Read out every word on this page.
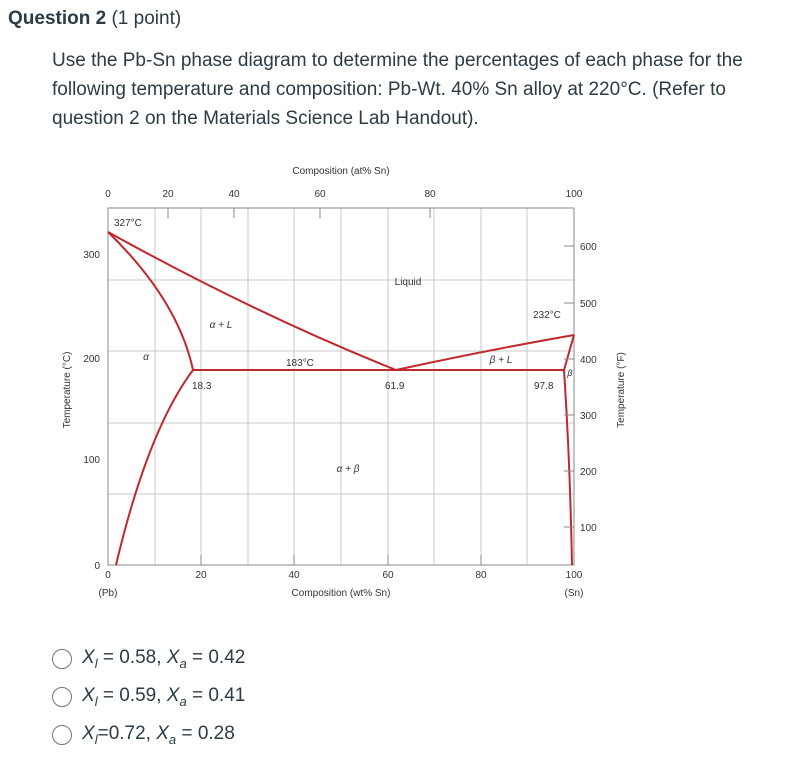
Question 2 (1 point)
Use the Pb-Sn phase diagram to determine the percentages of each phase for the following temperature and composition: Pb-Wt. 40% Sn alloy at 220°C. (Refer to question 2 on the Materials Science Lab Handout).
Composition (at% Sn)
0	20	40	60	80	100
0	20	40	60	80	100
(Pb)	(Sn)
Composition (wt% Sn)
0
100
200
300
Temperature (°C)
600
500
400
300
200
100
Temperature (°F)
Liquid
α + L
β + L
α + β
α
β
327°C
232°C
183°C
18.3	61.9	97.8
$X_l = 0.58$, $X_a = 0.42$
$X_l = 0.59$, $X_a = 0.41$
$X_l=0.72$, $X_a = 0.28$
